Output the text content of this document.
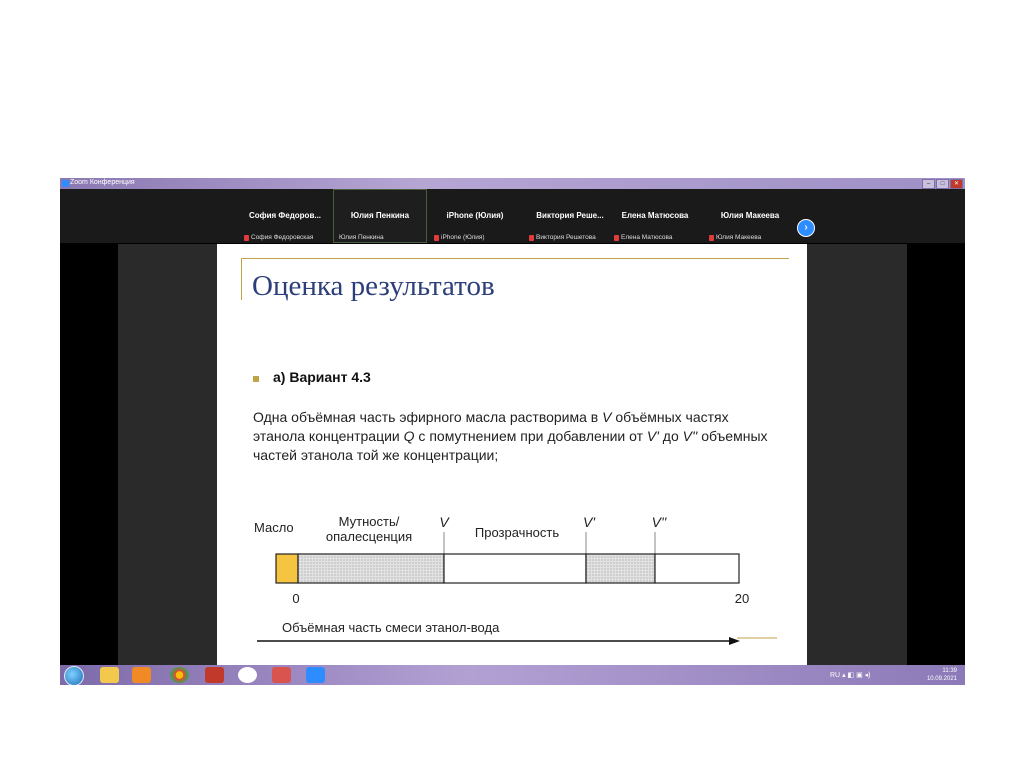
Zoom Конференция	–	□	✕
София Федоров...
София Федоровская
Юлия Пенкина
Юлия Пенкина
iPhone (Юлия)
iPhone (Юлия)
Виктория Реше...
Виктория Решетова
Елена Матюсова
Елена Матюсова
Юлия Макеева
Юлия Макеева
›
Оценка результатов
а) Вариант 4.3
Одна объёмная часть эфирного масла растворима в V объёмных частях этанола концентрации Q с помутнением при добавлении от V' до V'' объемных частей этанола той же концентрации;
Масло	Мутность/
опалесценция	Прозрачность
V	V'	V''
0	20
Объёмная часть смеси этанол-вода
RU ▴ ◧ ▣ ◂)
11:39
10.09.2021
